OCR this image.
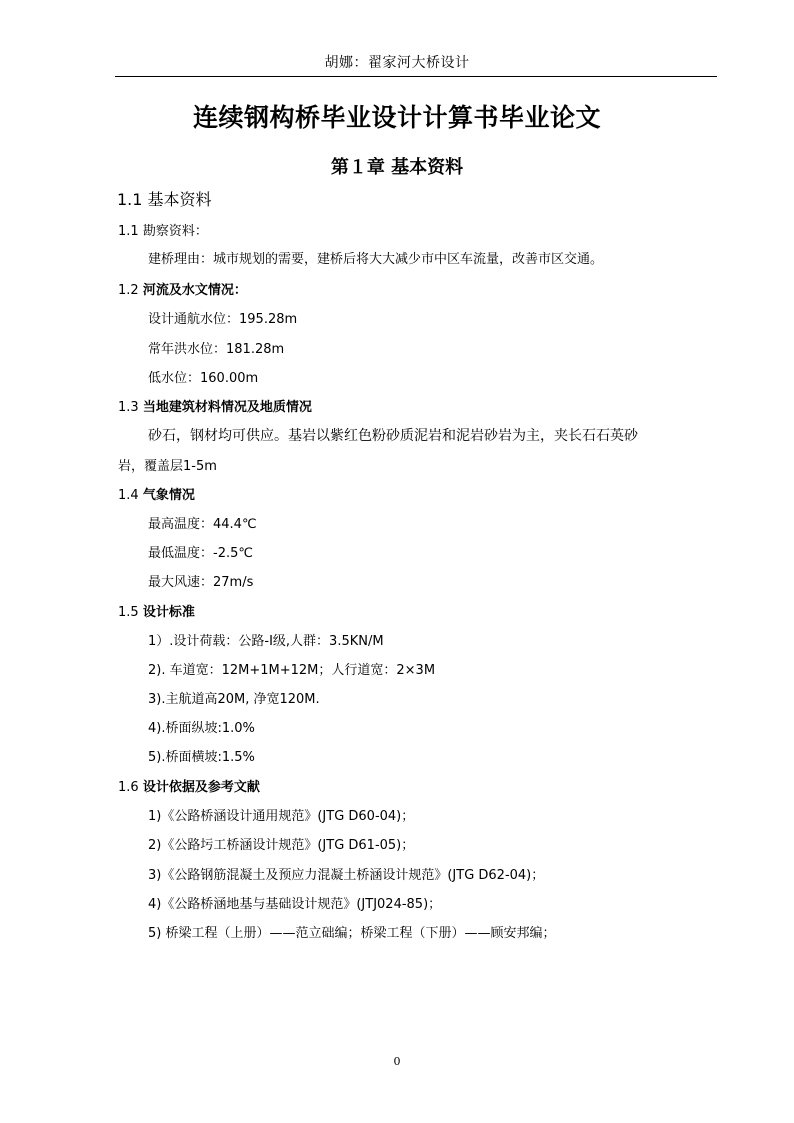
胡娜：翟家河大桥设计
连续钢构桥毕业设计计算书毕业论文
第１章 基本资料
1.1 基本资料
1.1 勘察资料：
建桥理由：城市规划的需要，建桥后将大大减少市中区车流量，改善市区交通。
1.2 河流及水文情况：
设计通航水位：195.28m
常年洪水位：181.28m
低水位：160.00m
1.3 当地建筑材料情况及地质情况
砂石，钢材均可供应。基岩以紫红色粉砂质泥岩和泥岩砂岩为主，夹长石石英砂
岩，覆盖层1-5m
1.4 气象情况
最高温度：44.4℃
最低温度：-2.5℃
最大风速：27m/s
1.5 设计标准
1）.设计荷载：公路-Ⅰ级,人群：3.5KN/M
2). 车道宽：12M+1M+12M；人行道宽：2×3M
3).主航道高20M, 净宽120M.
4).桥面纵坡:1.0%
5).桥面横坡:1.5%
1.6 设计依据及参考文献
1)《公路桥涵设计通用规范》(JTG D60-04)；
2)《公路圬工桥涵设计规范》(JTG D61-05)；
3)《公路钢筋混凝土及预应力混凝土桥涵设计规范》(JTG D62-04)；
4)《公路桥涵地基与基础设计规范》(JTJ024-85)；
5) 桥梁工程（上册）——范立础编；桥梁工程（下册）——顾安邦编；
0
